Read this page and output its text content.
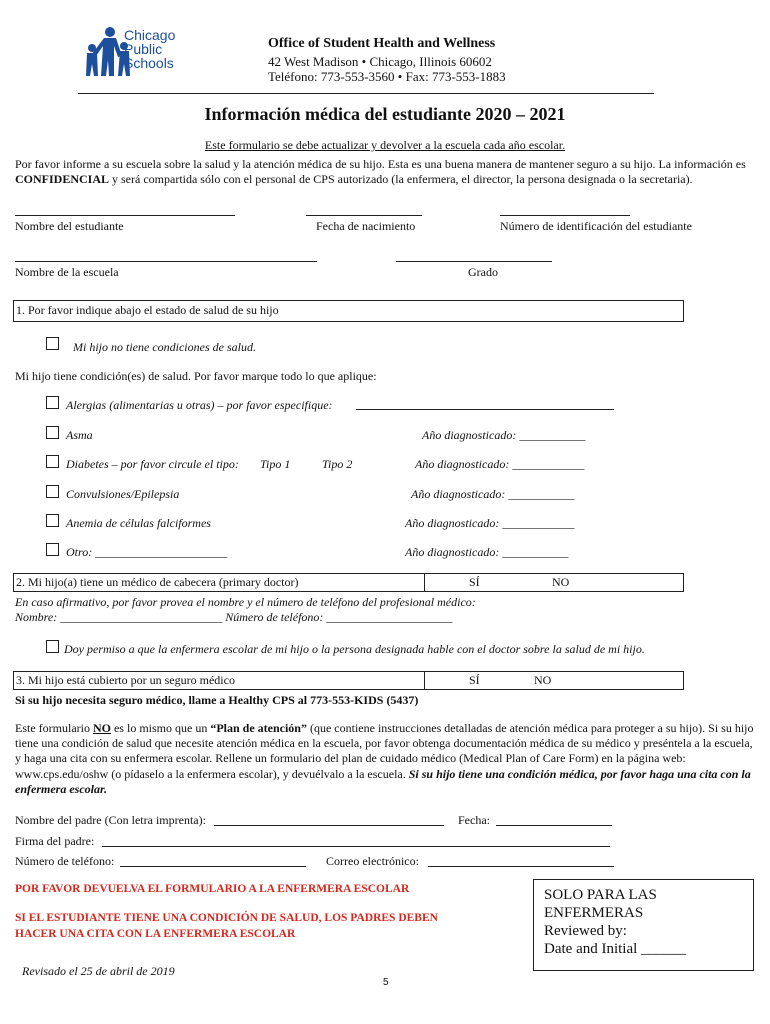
Chicago
Public
Schools
Office of Student Health and Wellness
42 West Madison • Chicago, Illinois 60602
Teléfono: 773-553-3560 • Fax: 773-553-1883
Información médica del estudiante 2020 – 2021
Este formulario se debe actualizar y devolver a la escuela cada año escolar.
Por favor informe a su escuela sobre la salud y la atención médica de su hijo. Esta es una buena manera de mantener seguro a su hijo. La información es CONFIDENCIAL y será compartida sólo con el personal de CPS autorizado (la enfermera, el director, la persona designada o la secretaria).
Nombre del estudiante	Fecha de nacimiento	Número de identificación del estudiante
Nombre de la escuela	Grado
1. Por favor indique abajo el estado de salud de su hijo
Mi hijo no tiene condiciones de salud.
Mi hijo tiene condición(es) de salud. Por favor marque todo lo que aplique:
Alergias (alimentarias u otras) – por favor especifique:
Asma	Año diagnosticado: ___________
Diabetes – por favor circule el tipo: Tipo 1	Tipo 2	Año diagnosticado: ____________
Convulsiones/Epilepsia	Año diagnosticado: ___________
Anemia de células falciformes	Año diagnosticado: ____________
Otro: ______________________	Año diagnosticado: ___________
2. Mi hijo(a) tiene un médico de cabecera (primary doctor)	SÍ	NO
En caso afirmativo, por favor provea el nombre y el número de teléfono del profesional médico:
Nombre: ___________________________ Número de teléfono: _____________________
Doy permiso a que la enfermera escolar de mi hijo o la persona designada hable con el doctor sobre la salud de mi hijo.
3. Mi hijo está cubierto por un seguro médico	SÍ	NO
Si su hijo necesita seguro médico, llame a Healthy CPS al 773-553-KIDS (5437)
Este formulario NO es lo mismo que un “Plan de atención” (que contiene instrucciones detalladas de atención médica para proteger a su hijo). Si su hijo tiene una condición de salud que necesite atención médica en la escuela, por favor obtenga documentación médica de su médico y preséntela a la escuela, y haga una cita con su enfermera escolar. Rellene un formulario del plan de cuidado médico (Medical Plan of Care Form) en la página web: www.cps.edu/oshw (o pídaselo a la enfermera escolar), y devuélvalo a la escuela. Si su hijo tiene una condición médica, por favor haga una cita con la enfermera escolar.
Nombre del padre (Con letra imprenta):	Fecha:
Firma del padre:
Número de teléfono:	Correo electrónico:
POR FAVOR DEVUELVA EL FORMULARIO A LA ENFERMERA ESCOLAR
SI EL ESTUDIANTE TIENE UNA CONDICIÓN DE SALUD, LOS PADRES DEBEN
HACER UNA CITA CON LA ENFERMERA ESCOLAR
SOLO PARA LAS
ENFERMERAS
Reviewed by:
Date and Initial ______
Revisado el 25 de abril de 2019
5
